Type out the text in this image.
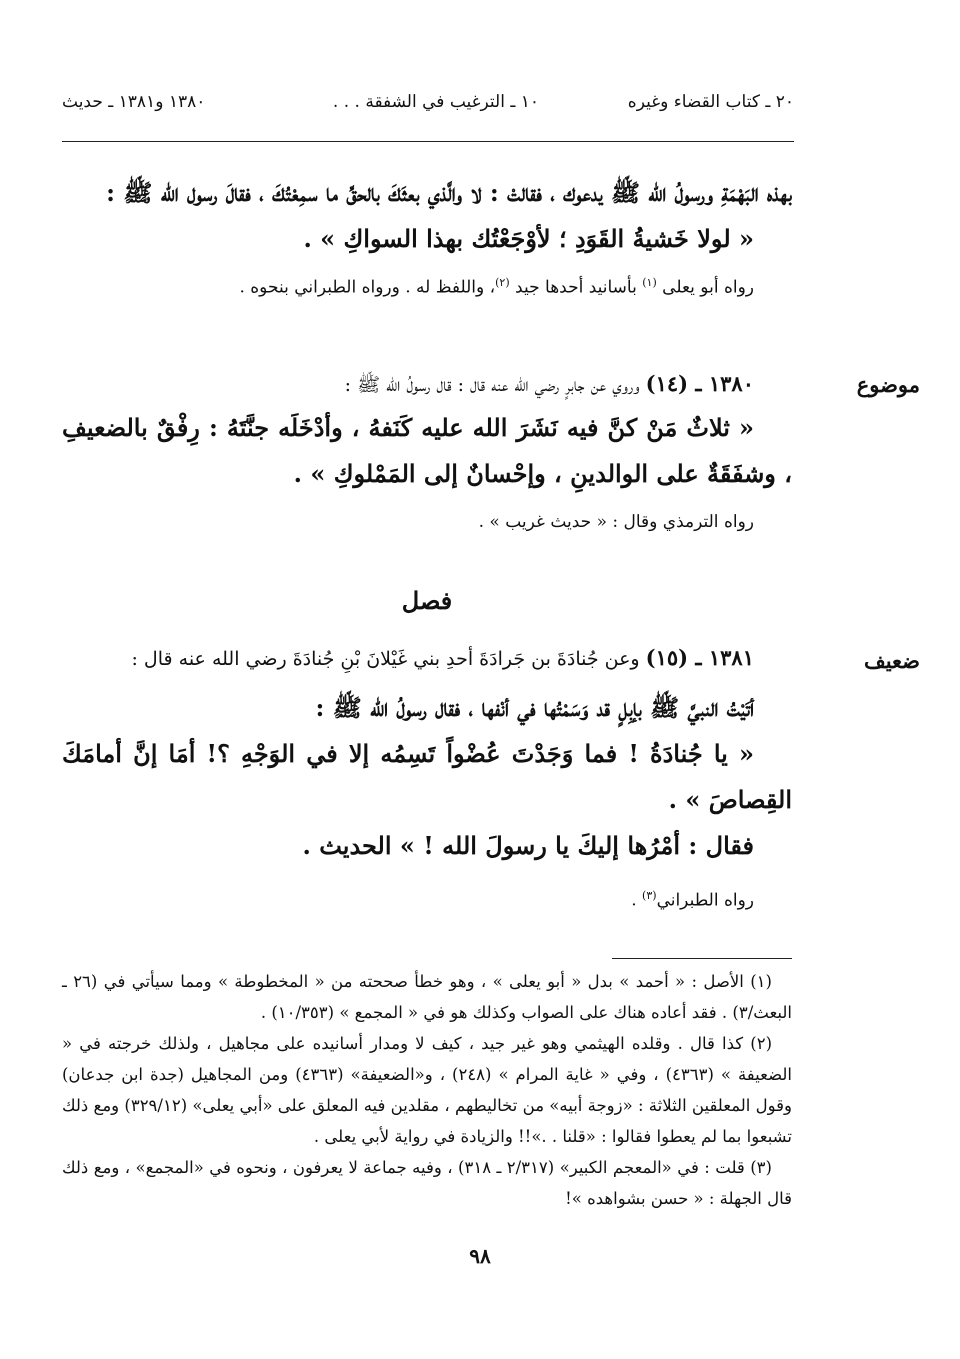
٢٠ ـ كتاب القضاء وغيره
١٠ ـ الترغيب في الشفقة . . .
١٣٨٠ و١٣٨١ ـ حديث

بهذه البَهْمَةِ ورسولُ الله ﷺ يدعوك ، فقالتْ : لا والَّذي بعثَكَ بالحقِّ ما سمِعْتُكَ ، فقالَ رسول الله ﷺ :

« لولا خَشيةُ القَوَدِ ؛ لأوْجَعْتُك بهذا السواكِ » .

رواه أبو يعلى $^{(١)}$ بأسانيد أحدها جيد $^{(٢)}$، واللفظ له . ورواه الطبراني بنحوه .

موضوع

١٣٨٠ ـ (١٤) وروي عن جابرٍ رضي الله عنه قال : قال رسولُ الله ﷺ :

« ثلاثٌ مَنْ كنَّ فيه نَشَرَ الله عليه كَنَفهُ ، وأدْخَلَه جنَّتَهُ : رِفْقٌ بالضعيفِ ، وشفَقَةٌ على الوالدينِ ، وإحْسانٌ إلى المَمْلوكِ » .

رواه الترمذي وقال : « حديث غريب » .

فصل
ضعيف

١٣٨١ ـ (١٥) وعن جُنادَةَ بن جَرادَةَ أحدِ بني غَيْلانَ بْنِ جُنادَةَ رضي الله عنه قال :

أتَيْتُ النبيَّ ﷺ بإبِلٍ قد وَسَمْتُها في أنْفها ، فقال رسولُ الله ﷺ :

« يا جُنادَةُ ! فما وَجَدْتَ عُضْواً تَسِمُه إلا في الوَجْهِ ؟! أمَا إنَّ أمامَكَ القِصاصَ » .

فقال : أمْرُها إليكَ يا رسولَ الله ! » الحديث .

رواه الطبراني$^{(٣)}$ .

(١) الأصل : « أحمد » بدل « أبو يعلى » ، وهو خطأ صححته من « المخطوطة » ومما سيأتي في (٢٦ ـ البعث/٣) . فقد أعاده هناك على الصواب وكذلك هو في « المجمع » (١٠/٣٥٣) .

(٢) كذا قال . وقلده الهيثمي وهو غير جيد ، كيف لا ومدار أسانيده على مجاهيل ، ولذلك خرجته في « الضعيفة » (٤٣٦٣) ، وفي « غاية المرام » (٢٤٨) ، و«الضعيفة» (٤٣٦٣) ومن المجاهيل (جدة ابن جدعان) وقول المعلقين الثلاثة : «زوجة أبيه» من تخاليطهم ، مقلدين فيه المعلق على «أبي يعلى» (٣٢٩/١٢) ومع ذلك تشبعوا بما لم يعطوا فقالوا : «قلنا . .»!! والزيادة في رواية لأبي يعلى .

(٣) قلت : في «المعجم الكبير» (٢/٣١٧ ـ ٣١٨) ، وفيه جماعة لا يعرفون ، ونحوه في «المجمع» ، ومع ذلك قال الجهلة : « حسن بشواهده »!

٩٨
